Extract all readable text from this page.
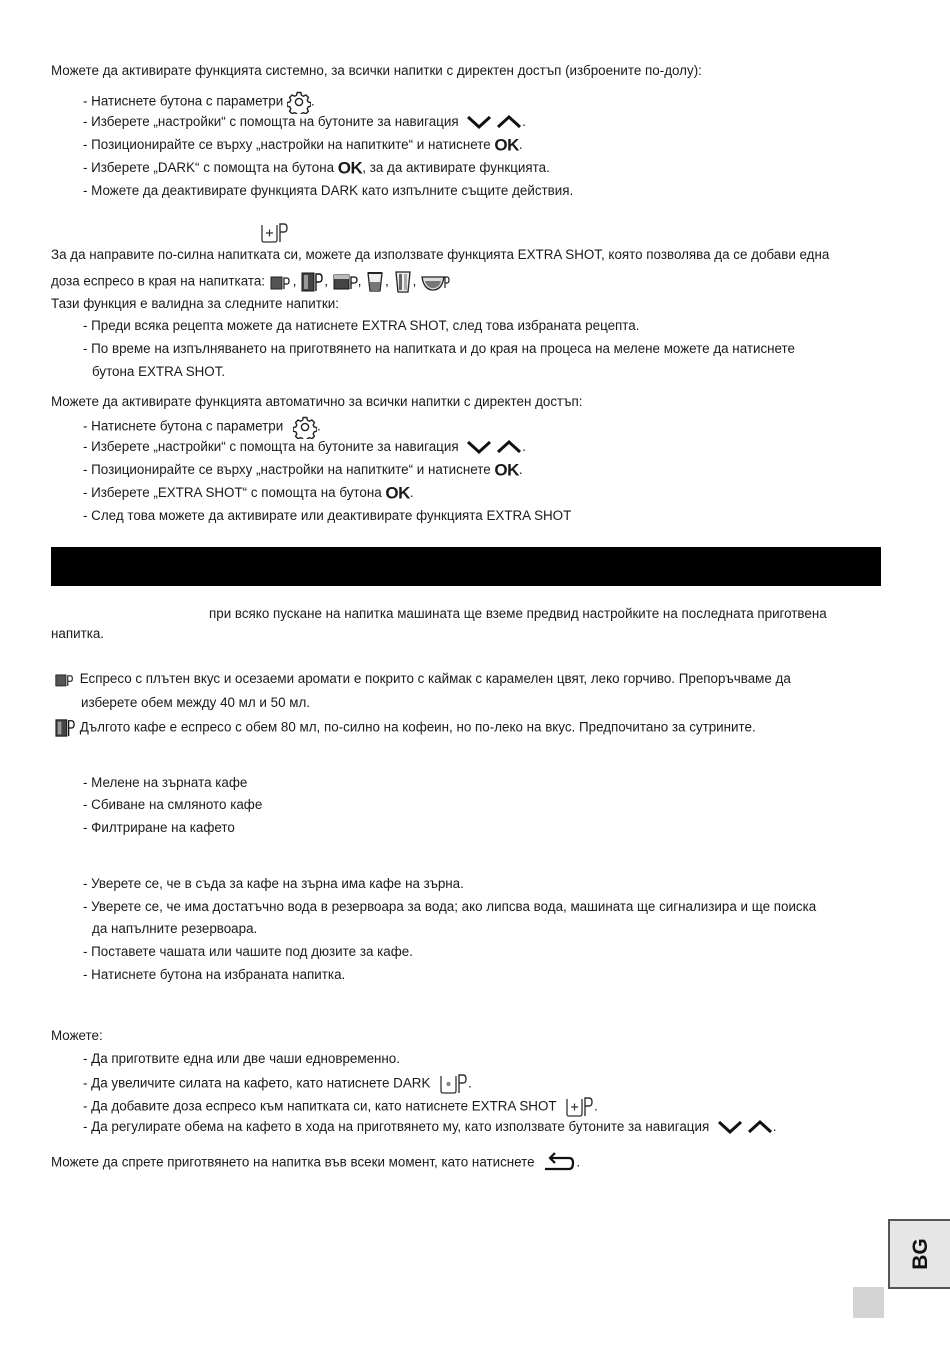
Можете да активирате функцията системно, за всички напитки с директен достъп (изброените по-долу):
- Натиснете бутона с параметри .
- Изберете „настройки“ с помощта на бутоните за навигация	.
- Позиционирайте се върху „настройки на напитките“ и натиснете OK.
- Изберете „DARK“ с помощта на бутона OK, за да активирате функцията.
- Можете да деактивирате функцията DARK като изпълните същите действия.
За да направите по-силна напитката си, можете да използвате функцията EXTRA SHOT, която позволява да се добави една
доза еспресо в края на напитката: , , , , ,
Тази функция е валидна за следните напитки:
- Преди всяка рецепта можете да натиснете EXTRA SHOT, след това избраната рецепта.
- По време на изпълняването на приготвянето на напитката и до края на процеса на мелене можете да натиснете
бутона EXTRA SHOT.
Можете да активирате функцията автоматично за всички напитки с директен достъп:
- Натиснете бутона с параметри	.
- Изберете „настройки“ с помощта на бутоните за навигация	.
- Позиционирайте се върху „настройки на напитките“ и натиснете OK.
- Изберете „EXTRA SHOT“ с помощта на бутона OK.
- След това можете да активирате или деактивирате функцията EXTRA SHOT
при всяко пускане на напитка машината ще вземе предвид настройките на последната приготвена
напитка.
Еспресо с плътен вкус и осезаеми аромати е покрито с каймак с карамелен цвят, леко горчиво. Препоръчваме да
изберете обем между 40 мл и 50 мл.
Дългото кафе е еспресо с обем 80 мл, по-силно на кофеин, но по-леко на вкус. Предпочитано за сутрините.
- Мелене на зърната кафе
- Сбиване на смляното кафе
- Филтриране на кафето
- Уверете се, че в съда за кафе на зърна има кафе на зърна.
- Уверете се, че има достатъчно вода в резервоара за вода; ако липсва вода, машината ще сигнализира и ще поиска
да напълните резервоара.
- Поставете чашата или чашите под дюзите за кафе.
- Натиснете бутона на избраната напитка.
Можете:
- Да приготвите една или две чаши едновременно.
- Да увеличите силата на кафето, като натиснете DARK	.
- Да добавите доза еспресо към напитката си, като натиснете EXTRA SHOT	.
- Да регулирате обема на кафето в хода на приготвянето му, като използвате бутоните за навигация	.
Можете да спрете приготвянето на напитка във всеки момент, като натиснете	.
BG
